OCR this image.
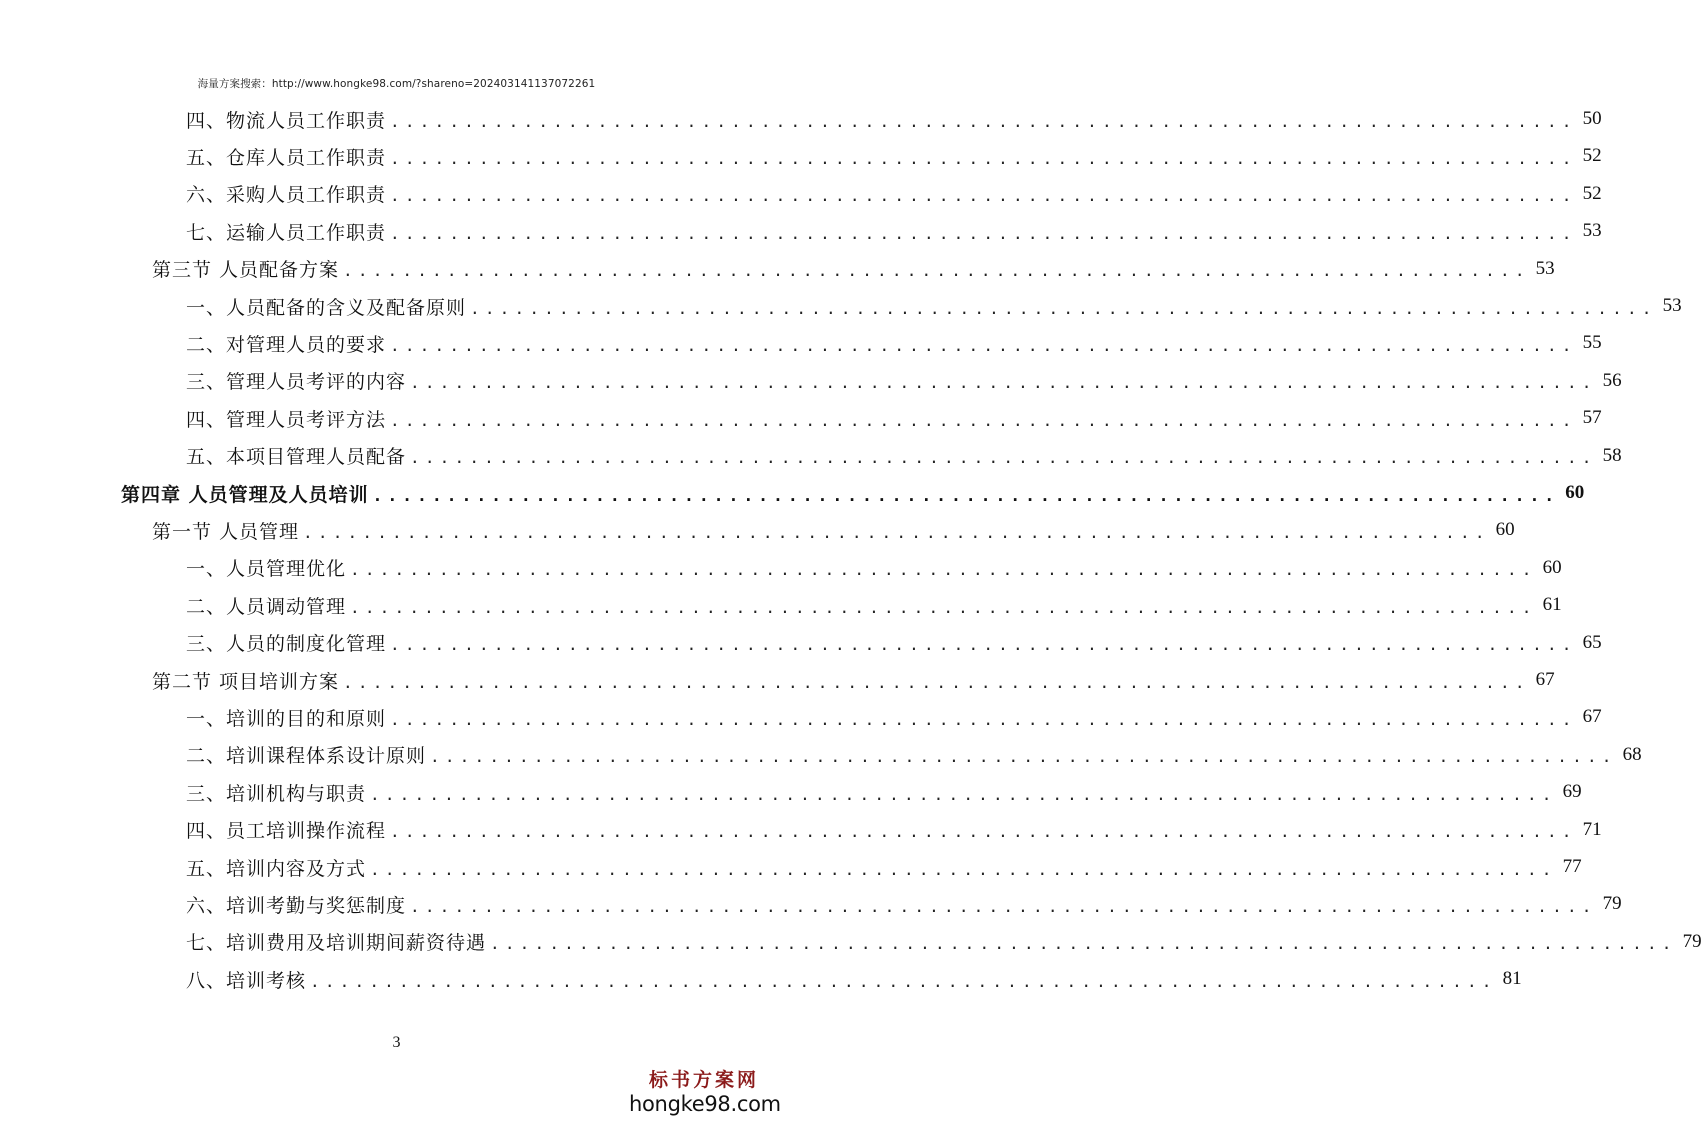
海量方案搜索：http://www.hongke98.com/?shareno=202403141137072261
四、物流人员工作职责 ................................................................................ 50
五、仓库人员工作职责 ................................................................................ 52
六、采购人员工作职责 ................................................................................ 52
七、运输人员工作职责 ................................................................................ 53
第三节 人员配备方案 ................................................................................ 53
一、人员配备的含义及配备原则 ................................................................................ 53
二、对管理人员的要求 ................................................................................ 55
三、管理人员考评的内容 ................................................................................ 56
四、管理人员考评方法 ................................................................................ 57
五、本项目管理人员配备 ................................................................................ 58
第四章 人员管理及人员培训 ................................................................................ 60
第一节 人员管理 ................................................................................ 60
一、人员管理优化 ................................................................................ 60
二、人员调动管理 ................................................................................ 61
三、人员的制度化管理 ................................................................................ 65
第二节 项目培训方案 ................................................................................ 67
一、培训的目的和原则 ................................................................................ 67
二、培训课程体系设计原则 ................................................................................ 68
三、培训机构与职责 ................................................................................ 69
四、员工培训操作流程 ................................................................................ 71
五、培训内容及方式 ................................................................................ 77
六、培训考勤与奖惩制度 ................................................................................ 79
七、培训费用及培训期间薪资待遇 ................................................................................ 79
八、培训考核 ................................................................................ 81
3
标书方案网
hongke98.com
